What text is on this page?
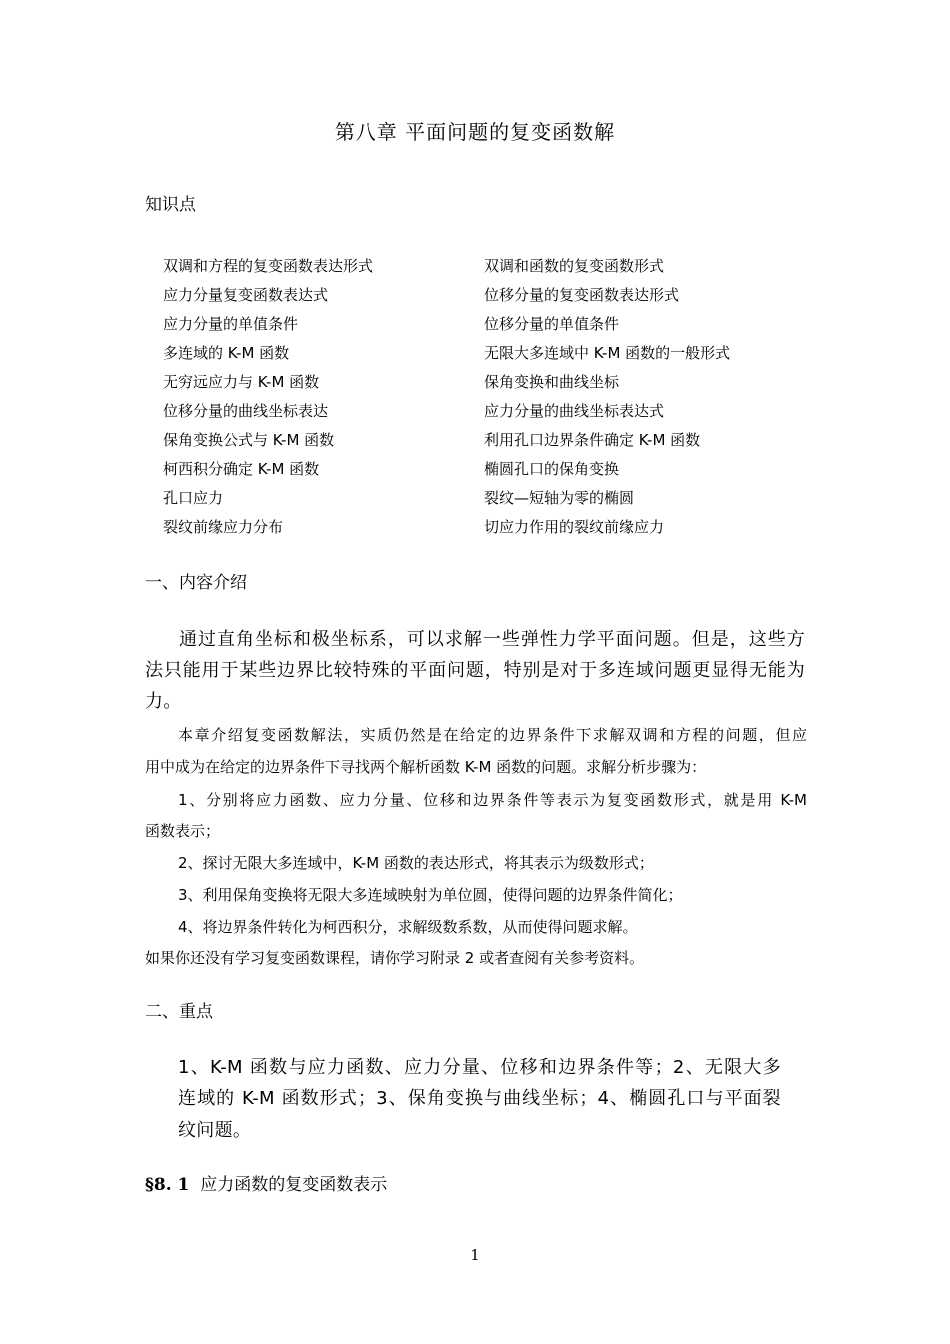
第八章 平面问题的复变函数解
知识点
双调和方程的复变函数表达形式	双调和函数的复变函数形式
应力分量复变函数表达式	位移分量的复变函数表达形式
应力分量的单值条件	位移分量的单值条件
多连域的 K-M 函数	无限大多连域中 K-M 函数的一般形式
无穷远应力与 K-M 函数	保角变换和曲线坐标
位移分量的曲线坐标表达	应力分量的曲线坐标表达式
保角变换公式与 K-M 函数	利用孔口边界条件确定 K-M 函数
柯西积分确定 K-M 函数	椭圆孔口的保角变换
孔口应力	裂纹—短轴为零的椭圆
裂纹前缘应力分布	切应力作用的裂纹前缘应力
一、内容介绍
通过直角坐标和极坐标系，可以求解一些弹性力学平面问题。但是，这些方
法只能用于某些边界比较特殊的平面问题，特别是对于多连域问题更显得无能为
力。
本章介绍复变函数解法，实质仍然是在给定的边界条件下求解双调和方程的问题，但应
用中成为在给定的边界条件下寻找两个解析函数 K-M 函数的问题。求解分析步骤为：
1、分别将应力函数、应力分量、位移和边界条件等表示为复变函数形式，就是用 K-M
函数表示；
2、探讨无限大多连域中，K-M 函数的表达形式，将其表示为级数形式；
3、利用保角变换将无限大多连域映射为单位圆，使得问题的边界条件简化；
4、将边界条件转化为柯西积分，求解级数系数，从而使得问题求解。
如果你还没有学习复变函数课程，请你学习附录 2 或者查阅有关参考资料。
二、重点
1、K-M 函数与应力函数、应力分量、位移和边界条件等；2、无限大多
连域的 K-M 函数形式；3、保角变换与曲线坐标；4、椭圆孔口与平面裂
纹问题。
§8. 1 应力函数的复变函数表示
1
